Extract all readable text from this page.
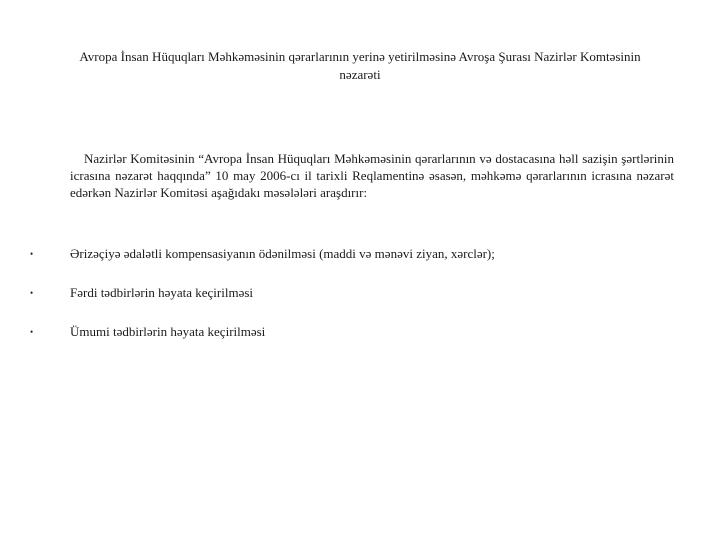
Avropa İnsan Hüquqları Məhkəməsinin qərarlarının yerinə yetirilməsinə Avroşa Şurası Nazirlər Komtəsinin nəzarəti
Nazirlər Komitəsinin “Avropa İnsan Hüquqları Məhkəməsinin qərarlarının və dostacasına həll sazişin şərtlərinin icrasına nəzarət haqqında” 10 may 2006-cı il tarixli Reqlamentinə əsasən, məhkəmə qərarlarının icrasına nəzarət edərkən Nazirlər Komitəsi aşağıdakı məsələləri araşdırır:
•	Ərizəçiyə ədalətli kompensasiyanın ödənilməsi (maddi və mənəvi ziyan, xərclər);
•	Fərdi tədbirlərin həyata keçirilməsi
•	Ümumi tədbirlərin həyata keçirilməsi
